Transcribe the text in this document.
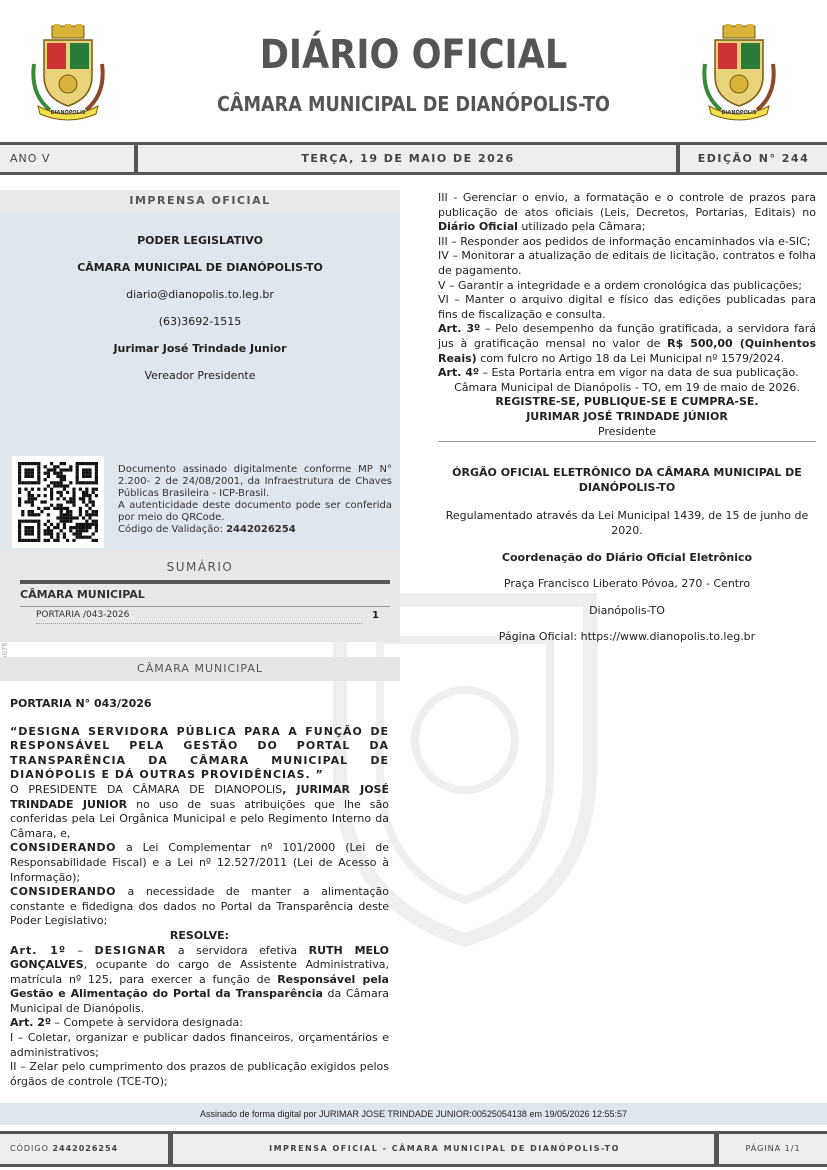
DIANÓPOLIS
DIÁRIO OFICIAL
CÂMARA MUNICIPAL DE DIANÓPOLIS-TO	DIANÓPOLIS
ANO V	TERÇA, 19 DE MAIO DE 2026	EDIÇÃO N° 244
IMPRENSA OFICIAL
PODER LEGISLATIVO
CÂMARA MUNICIPAL DE DIANÓPOLIS-TO
diario@dianopolis.to.leg.br
(63)3692-1515
Jurimar José Trindade Junior
Vereador Presidente
Documento assinado digitalmente conforme MP N° 2.200- 2 de 24/08/2001, da Infraestrutura de Chaves Públicas Brasileira - ICP-Brasil.
A autenticidade deste documento pode ser conferida por meio do QRCode.
Código de Validação: 2442026254
SUMÁRIO
CÂMARA MUNICIPAL
PORTARIA /043-2026	1
CÂMARA MUNICIPAL
PORTARIA N° 043/2026
“DESIGNA SERVIDORA PÚBLICA PARA A FUNÇÃO DE RESPONSÁVEL PELA GESTÃO DO PORTAL DA TRANSPARÊNCIA DA CÂMARA MUNICIPAL DE DIANÓPOLIS E DÁ OUTRAS PROVIDÊNCIAS. ”
O PRESIDENTE DA CÂMARA DE DIANOPOLIS, JURIMAR JOSÉ TRINDADE JUNIOR no uso de suas atribuições que lhe são conferidas pela Lei Orgânica Municipal e pelo Regimento Interno da Câmara, e,
CONSIDERANDO a Lei Complementar nº 101/2000 (Lei de Responsabilidade Fiscal) e a Lei nº 12.527/2011 (Lei de Acesso à Informação);
CONSIDERANDO a necessidade de manter a alimentação constante e fidedigna dos dados no Portal da Transparência deste Poder Legislativo;
RESOLVE:
Art. 1º – DESIGNAR a servidora efetiva RUTH MELO GONÇALVES, ocupante do cargo de Assistente Administrativa, matrícula nº 125, para exercer a função de Responsável pela Gestão e Alimentação do Portal da Transparência da Câmara Municipal de Dianópolis.
Art. 2º – Compete à servidora designada:
I – Coletar, organizar e publicar dados financeiros, orçamentários e administrativos;
II – Zelar pelo cumprimento dos prazos de publicação exigidos pelos órgãos de controle (TCE-TO);
III - Gerenciar o envio, a formatação e o controle de prazos para publicação de atos oficiais (Leis, Decretos, Portarias, Editais) no Diário Oficial utilizado pela Câmara;
III – Responder aos pedidos de informação encaminhados via e-SIC;
IV – Monitorar a atualização de editais de licitação, contratos e folha de pagamento.
V – Garantir a integridade e a ordem cronológica das publicações;
VI – Manter o arquivo digital e físico das edições publicadas para fins de fiscalização e consulta.
Art. 3º – Pelo desempenho da função gratificada, a servidora fará jus à gratificação mensal no valor de R$ 500,00 (Quinhentos Reais) com fulcro no Artigo 18 da Lei Municipal nº 1579/2024.
Art. 4º – Esta Portaria entra em vigor na data de sua publicação.
Câmara Municipal de Dianópolis - TO, em 19 de maio de 2026.
REGISTRE-SE, PUBLIQUE-SE E CUMPRA-SE.
JURIMAR JOSÉ TRINDADE JÚNIOR
Presidente

ÓRGÃO OFICIAL ELETRÔNICO DA CÂMARA MUNICIPAL DE DIANÓPOLIS-TO

Regulamentado através da Lei Municipal 1439, de 15 de junho de 2020.

Coordenação do Diário Oficial Eletrônico

Praça Francisco Liberato Póvoa, 270 - Centro

Dianópolis-TO

Página Oficial: https://www.dianopolis.to.leg.br

Assinado de forma digital por JURIMAR JOSE TRINDADE JUNIOR:00525054138 em 19/05/2026 12:55:57
CÓDIGO 2442026254	IMPRENSA OFICIAL - CÂMARA MUNICIPAL DE DIANÓPOLIS-TO	PÁGINA 1/1
